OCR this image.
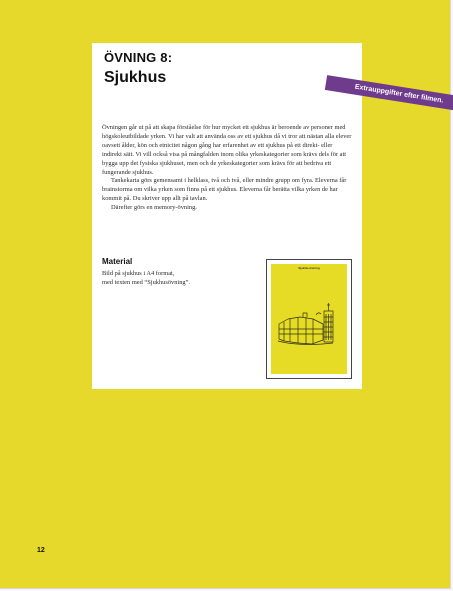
ÖVNING 8:
Sjukhus
Extrauppgifter efter filmen.

Övningen går ut på att skapa förståelse för hur mycket ett sjukhus är beroende av personer med högskoleutbildade yrken. Vi har valt att använda oss av ett sjukhus då vi tror att nästan alla elever oavsett ålder, kön och etnicitet någon gång har erfarenhet av ett sjukhus på ett direkt- eller indirekt sätt. Vi vill också visa på mångfalden inom olika yrkeskategorier som krävs dels för att bygga upp det fysiska sjukhuset, men och de yrkeskategorier som krävs för att bedriva ett fungerande sjukhus.

Tankekarta görs gemensamt i helklass, två och två, eller mindre grupp om fyra. Eleverna får brainstorma om vilka yrken som finns på ett sjukhus. Eleverna får berätta vilka yrken de har kommit på. Du skriver upp allt på tavlan.

Därefter görs en memory-övning.

Material
Bild på sjukhus i A4 format,
med texten med “Sjukhusövning”.
Sjukhusövning
12
